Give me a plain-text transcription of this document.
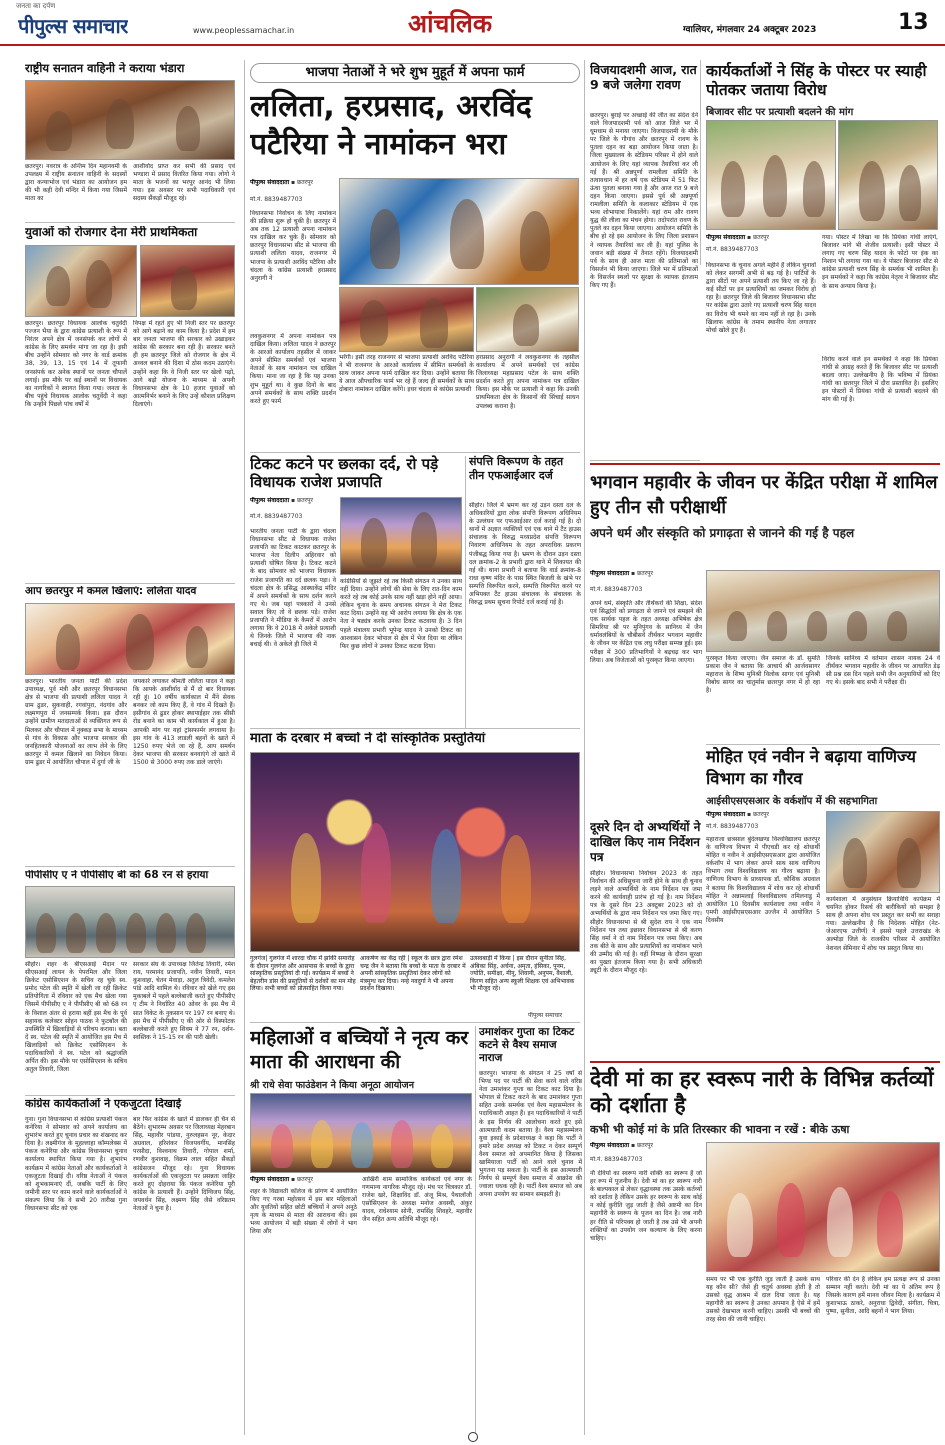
जनता का दर्पण
पीपुल्स समाचार	www.peoplessamachar.in	आंचलिक	ग्वालियर, मंगलवार 24 अक्टूबर 2023	13
राष्ट्रीय सनातन वाहिनी ने कराया भंडारा
छतरपुर। नवरात्र के अन्तिम दिन महानवमी के उपलक्ष्य में राष्ट्रीय सनातन वाहिनी के सदस्यों द्वारा कन्याभोज एवं भंडारा का आयोजन हम की भी कही देवी मन्दिर में किया गया जिसमें माता का
आशीर्वाद प्राप्त कर सभी की प्रसाद एवं भण्डारा में प्रसाद वितरित किया गया। लोगो ने माता के भजनों का भरपूर आनंद भी लिया गया। इस अवसर पर सभी पदाधिकारी एवं सदस्य सैंकड़ों मौजूद रहे।
युवाओं को रोजगार देना मेरी प्राथमिकता
छतरपुर। छतरपुर विधायक आलोक चतुर्वेदी पज्जन भैया के द्वारा कांग्रेस प्रत्याशी के रूप में निरंतर अपने क्षेत्र में जनसंपर्क कर लोगों से कांग्रेस के लिए समर्थन मांगा जा रहा है। इसी बीच उन्होंने सोमवार को नगर के वार्ड क्रमांक 38, 39, 13, 15 एवं 14 में तूफानी जनसंपर्क कर अनेक स्थानों पर जनता चौपालें लगाई। इस मौके पर कई स्थानों पर विधायक का नागरिकों ने स्वागत किया गया। जनता के बीच पहुंचे विधायक आलोक चतुर्वेदी ने कहा कि उन्होंने पिछले पांच वर्षों में
विपक्ष में रहते हुए भी निजी स्तर पर छतरपुर को आगे बढ़ाने का काम किया है। प्रदेश में हम बार जनता भाजपा की सरकार को उखाड़कर कांग्रेस की सरकार बना रही है। सरकार बनते ही हम छतरपुर जिले को रोजगार के क्षेत्र में अव्वल बनाने की दिशा में ठोस कदम उठाएंगे। उन्होंने कहा कि वे निजी स्तर पर खेलो पढ़ो, आगे बढ़ो योजना के माध्यम से अपनी विधानसभा क्षेत्र के 10 हजार युवाओं को आत्मनिर्भर बनाने के लिए उन्हें कौशल प्रशिक्षण दिलाएंगे।
आप छतरपुर में कमल खिलाएं: ललिता यादव
छतरपुर। भारतीय जनता पार्टी की प्रदेश उपाध्यक्ष, पूर्व मंत्री और छतरपुर विधानसभा क्षेत्र से भाजपा की प्रत्याशी ललिता यादव ने ग्राम ढुडर, सुकवाही, रगवांपुरा, नंदगांव और लक्ष्मणपुरा में जनसम्पर्क किया। इस दौरान उन्होंने ग्रामीण मतदाताओं से व्यक्तिगत रूप से मिलकर और चौपाल में नुक्कड़ सभा के माध्यम से गांव के विकास और भाजपा सरकार की जनहितकारी योजनाओं का लाभ लेने के लिए छतरपुर में कमल खिलाने का निवेदन किया। ग्राम ढुडर में आयोजित चौपाल में दुर्गा जी के
जयकारे लगाकर श्रीमती ललिता यादव ने कहा कि आपके आशीर्वाद से मैं दो बार विधायक रही हूं। 10 वर्षीय कार्यकाल में मैंने सेवक बनकर जो काम किए हैं, वे गांव में दिखते हैं। इसीगांव से ढुडर होकर स्थापाईहार तक सीसी रोड बनाने का काम भी कार्यकाल में हुआ है। आपकी मांग पर यहां ट्रांसफार्मर लगवाया है। इस गांव के 413 लाडली बहनों के खाते में 1250 रुपए भेजे जा रहे हैं, आप समर्थन देकर भाजपा की सरकार बनवाएंगे तो खाते में 1500 से 3000 रुपए तक डाले जाएंगे।
पीपीसीए ए ने पीपीसीए बी को 68 रन से हराया
सीहोर। शहर के बीएसआई मैदान पर सीएसआई लायन के पेपरमिल और जिला क्रिकेट एसोसिएशन के सचिव रह चुके स्व. प्रमोद पटेल की स्मृति में खेली जा रही क्रिकेट प्रतियोगिता में रविवार को एक मैच खेला गया जिसमें पीपीसीए ए ने पीपीसीए बी को 68 रन के विशाल अंतर से हराया बहीं इस मैच के पूर्व सहायक कलेक्टर सोहन पाठक ने फुटबॉल की उपस्थिति में खिलाड़ियों से परिचय कराया। बता दें स्व. पटेल की स्मृति में आयोजित इस मैच में खिलाड़ियों को क्रिकेट एसोसिएशन के पदाधिकारियों ने स्व. पटेल को श्रद्धांजलि अर्पित की। इस मौके पर एसोसिएशन के सचिव अतुल तिवारी, जिला
सरकार संघ के उपाध्यक्ष जितेन्द्र तिवारी, रमेश राय, परमानंद प्रजापति, नवीन तिवारी, मदन कुशवाहा, चेतन मेवाड़ा, अतुल त्रिवेदी, कमलेश पांडे आदि शामिल थे। रविवार को खेले गए इस मुकाबले में पहले बल्लेबाजी करते हुए पीपीसीए ए टीम ने निर्धारित 40 ओवर के इस मैच में सात विकेट के नुकसान पर 197 रन बनाए थे। इस मैच में पीपीसीए ए की ओर से विस्फोटक बल्लेबाजी करते हुए शिवम ने 77 रन, दर्शन-स्वस्तिक ने 15-15 रन की पारी खेली।
कांग्रेस कार्यकर्ताओं ने एकजुटता दिखाई
गुना। गुना विधानसभा से कांग्रेस प्रत्याशी पंकज कनेरिया ने सोमवार को अपने कार्यालय का शुभारंभ करते हुए चुनाव प्रचार का शंखनाद कर दिया है। लक्ष्मीगंज के मुहल्लाहा कॉम्पलेक्स में पंकज कनेरिया और कांग्रेस विधानसभा चुनाव कार्यालय स्थापित किया गया है। शुभारंभ कार्यक्रम में कांग्रेस नेताओं और कार्यकर्ताओं ने एकजुटता दिखाई दी। वरिष्ठ नेताओं ने पंकज को शुभकामनाएं दीं, जबकि पार्टी के लिए जमीनी स्तर पर काम करने वाले कार्यकर्ताओं ने संकल्प लिया कि वे सभी 20 तारीख गुना विधानसभा सीट को एक
बार फिर कांग्रेस के खाते में डालकर ही चैन से बैठेंगे। शुभारम्भ अवसर पर जिलाध्यक्ष मेहरबान सिंह, महावीर पांडया, नुरुलहसन नूर, केदार अग्रवाल, हरिशंकर विजयवर्गीय, मानसिंह परसौदा, विश्वनाथ तिवारी, गोपाल शर्मा, रणवीर कुशवाह, विक्रम लाल सहित सैंकड़ों कांग्रेसजन मौजूद रहे। गुना विधायक कार्यकर्ताओं की एकजुटता पर प्रसन्नता जाहिर करते हुए दोहराया कि पंकज कनेरिया पूरी कांग्रेस के प्रत्याशी हैं। उन्होंने दिग्विजय सिंह, जयवर्धन सिंह, लक्ष्मण सिंह जैसे वरिष्ठतम नेताओं ने चुना है।
भाजपा नेताओं ने भरे शुभ मुहूर्त में अपना फार्म
ललिता, हरप्रसाद, अरविंद पटैरिया ने नामांकन भरा
पीपुल्स संवाददाता ▪ छतरपुर
मो.नं. 8839487703
विधानसभा निर्वाचन के लिए नामांकन की प्रक्रिया शुरू हो चुकी है। छतरपुर में अब तक 12 प्रत्याशी अपना नामांकन पत्र दाखिल कर चुके हैं। सोमवार को छतरपुर विधानसभा सीट से भाजपा की प्रत्याशी ललिता यादव, राजनगर में भाजपा के प्रत्याशी अरविंद पटैरिया और चंदला के कांग्रेस प्रत्याशी हरप्रसाद अनुरागी ने
लवकुशनगर में अपना नामांकन पत्र दाखिल किया। ललिता यादव ने छतरपुर के आरओ कार्यालय तहसील में जाकर अपने सीमित समर्थकों एवं भाजपा नेताओं के साथ नामांकन पत्र दाखिल किया। माना जा रहा है कि यह उनका शुभ मुहूर्त था। वे कुछ दिनों के बाद अपने समर्थकों के साथ शक्ति प्रदर्शन करते हुए फार्म
भरेंगी। इसी तरह राजनगर से भाजपा प्रत्याशी अरविंद पटैरिया ने भी राजनगर के आरओ कार्यालय में सीमित समर्थकों के साथ जाकर अपना फार्म दाखिल कर दिया। उन्होंने बताया कि ये आज औपचारिक फार्म भर रहे हैं जल्द ही समर्थकों के साथ दोबारा नामांकन दाखिल करेंगे। इधर चंदला से कांग्रेस प्रत्याशी
हरप्रसाद अनुरागी ने लवकुशनगर के तहसील कार्यालय में अपने समर्थकों एवं कांग्रेस जिलाध्यक्ष महाप्रसाद पटेल के साथ शक्ति प्रदर्शन करते हुए अपना नामांकन पत्र दाखिल किया। इस मौके पर प्रत्याशी ने कहा कि उनकी प्राथमिकता क्षेत्र के किसानों की सिंचाई साधन उपलब्ध कराना है।
टिकट कटने पर छलका दर्द, रो पड़े विधायक राजेश प्रजापति
पीपुल्स संवाददाता ▪ छतरपुर
मो.नं. 8839487703
भारतीय जनता पार्टी के द्वारा चंदला विधानसभा सीट से विधायक राजेश प्रजापति का टिकट काटकर छतरपुर के भाजपा नेता दिलीप अहिरवार को प्रत्याशी घोषित किया है। टिकट कटने के बाद सोमवार को भाजपा विधायक राजेश प्रजापति का दर्द छलक पड़ा। वे चंदला क्षेत्र के प्रसिद्ध आस्थाकेंद्र मंदिर में अपने समर्थकों के साथ दर्शन करने गए थे। जब यहां पत्रकारों ने उनसे सवाल किए तो वे छलक पड़े। राजेश प्रजापति ने मीडिया के कैमरों में आरोप लगाया कि वे 2018 में अकेले प्रत्याशी थे जिनके जिले में भाजपा की नाक बचाई थी। वे अकेले ही जिले में
कांग्रेसियों से जूझते रहे तब किसी संगठन ने उनका साथ नहीं दिया। उन्होंने लोगों की सेवा के लिए रात-दिन काम करते रहे तब कोई उनके साथ नहीं खड़ा होने नहीं आया। लेकिन चुनाव के समय अचानक संगठन ने मेरा टिकट काट दिया। उन्होंने यह भी आरोप लगाया कि क्षेत्र के एक नेता ने षड्यंत्र करके उनका टिकट कटवाया है। 3 दिन पहले मंत्रालय प्रभारी भूपेन्द्र यादव ने उनको टिकट का आश्वासन देकर भोपाल से क्षेत्र में भेज दिया था लेकिन फिर कुछ लोगों ने उनका टिकट कटवा दिया।
संपत्ति विरूपण के तहत तीन एफआईआर दर्ज
सीहोर। जिले में भ्रमण कर रहे उड़न दस्ता दल के अधिकारियों द्वारा लोक संपत्ति विरूपण अधिनियम के उल्लंघन पर एफआईआर दर्ज कराई गई है। दो थानों में अज्ञात व्यक्तियों एवं एक थाने में टैंट हाउस संचालक के विरुद्ध मध्यप्रदेश संपत्ति विरूपण निवारण अधिनियम के तहत अपराधिक प्रकरण पंजीबद्ध किया गया है। भ्रमण के दौरान उड़न दस्ता दल क्रमांक-2 के प्रभारी द्वारा थाने में शिकायत की गई थी। थाना प्रभारी ने बताया कि वार्ड क्रमांक-8 राधा कृष्ण मंदिर के पास स्थित बिजली के खंभे पर सम्पत्ति विरूपित करने, सम्पत्ति विरूपित करने पर अभियक्त टैंट हाउस संचालक के संचालक के विरुद्ध प्रथम सूचना रिपोर्ट दर्ज कराई गई है।
माता के दरबार में बच्चों ने दी सांस्कृतिक प्रस्तुतियां
गुलगंज| गुलगंज में शारदा चौक में झांकी समारोह के दौरान गुलगंज और आसपास के बच्चों के द्वारा सांस्कृतिक प्रस्तुतियां दी गईं। कार्यक्रम में बच्चों ने बेहतरीन डांस की प्रस्तुतियों से दर्शकों का मन मोह लिया। सभी बच्चों को प्रोत्साहित किया गया।
आकर्षण का केंद्र रही | स्कूल के छात्र द्वारा रमेश चन्द्र जैन ने बताया कि बच्चों के माता के दरबार में अपनी सांस्कृतिक प्रस्तुतियां देकर लोगों को मंत्रमुग्ध कर दिया। नन्हे नवदुर्गा ने भी अपना प्रदर्शन दिखाया।
उत्सवबाड़ी में किया | इस दौरान सुनीता सिंह, अंबिका सिंह, अर्चना, अमृता, हंसिका, पूनम, ज्योति, समीक्षा, मीनू, शिवानी, अनुपम, वैशाली, किरण सहित अन्य स्कूली शिक्षक एवं अभिभावक भी मौजूद रहे।
पीपुल्स समाचार
महिलाओं व बच्चियों ने नृत्य कर माता की आराधना की
श्री राधे सेवा फाउंडेशन ने किया अनूठा आयोजन
पीपुल्स संवाददाता ▪ छतरपुर
शहर के विद्यावती कॉलेज के प्रांगण में आयोजित किए गए गरबा महोत्सव में इस बार महिलाओं और युवतियों सहित छोटी बच्चियों ने अपने अनूठे नृत्य के माध्यम से माता की आराधना की। इस भव्य आयोजन में बड़ी संख्या में लोगों ने भाग लिया और
आखिरी शाम सामाजिक कार्यकर्ता एवं नगर के गणमान्य नागरिक मौजूद रहे। मंच पर चित्रकार डॉ. राजेश खरे, शिक्षाविद डॉ. अंजू मिश्र, पैथालॉजी एसोसिएशन के अध्यक्ष मनोज अवस्थी, अंकुर यादव, राधेश्याम सोनी, रामसिंह शिवहरे, महावीर जैन सहित अन्य अतिथि मौजूद रहे।
उमाशंकर गुप्ता का टिकट कटने से वैश्य समाज नाराज
छतरपुर। भाजपा के संगठन ने 25 वर्षों से भिण्ड पद पर पार्टी की सेवा करने वाले वरिष्ठ नेता उमाशंकर गुप्ता का टिकट काट दिया है। भोपाल से टिकट कटने के बाद उमाशंकर गुप्ता सहित उनके समर्थक एवं वैश्य महासम्मेलन के पदाधिकारी आहत हैं। इन पदाधिकारियों ने पार्टी के इस निर्णय की आलोचना करते हुए इसे आत्मघाती कदम बताया है। वैश्य महासम्मेलन युवा इकाई के प्रदेशाध्यक्ष ने कहा कि पार्टी ने हमारे प्रदेश अध्यक्ष को टिकट न देकर सम्पूर्ण वैश्य समाज को अपमानित किया है जिसका खामियाजा पार्टी को आने वाले चुनाव में भुगतना पड़ सकता है। पार्टी के इस आत्मघाती निर्णय से सम्पूर्ण वैश्य समाज में आक्रोश की ज्वाला धधक रही है। पार्टी वैश्य समाज को अब अपना उपयोग का सामान समझती है।
विजयादशमी आज, रात 9 बजे जलेगा रावण
छतरपुर। बुराई पर अच्छाई की जीत का संदेश देने वाले विजयादशमी पर्व को आज जिले भर में धूमधाम से मनाया जाएगा। विजयादशमी के मौके पर जिले के गौगांव और छतरपुर में रावण के पुतला दहन का बड़ा आयोजन किया जाता है। जिला मुख्यालय के स्टेडियम परिसर में होने वाले आयोजन के लिए यहां व्यापक तैयारियां कर ली गई हैं। श्री अन्नपूर्णा रामलीला समिति के तत्वावधान में हर वर्ष एक स्टेडियम में 51 फिट ऊंचा पुतला बनाया गया है और आज रात 9 बजे दहन किया जाएगा। इससे पूर्व श्री अन्नपूर्णा रामलीला समिति के कलाकार स्टेडियम में एक भव्य शोभायात्रा निकालेंगे। यहां राम और रावण युद्ध की लीला का मंचन होगा। तदोपरांत रावण के पुतले का दहन किया जाएगा। आयोजन समिति के बीच हो रहे इस आयोजन के लिए जिला प्रशासन ने व्यापक तैयारियां कर ली हैं। यहां पुलिस के जवान बड़ी संख्या में तैनात रहेंगे। विजयादशमी पर्व के साथ ही आज माता की प्रतिमाओं का विसर्जन भी किया जाएगा। जिले भर में प्रतिमाओं के विसर्जन स्थलों पर सुरक्षा के व्यापक इंतजाम किए गए हैं।
दूसरे दिन दो अभ्यर्थियों ने दाखिल किए नाम निर्देशन पत्र
सीहोर। विधानसभा निर्वाचन 2023 के तहत निर्वाचन की अधिसूचना जारी होने के साथ ही चुनाव लड़ने वाले अभ्यर्थियों के नाम निर्देशन पत्र जमा करने की कार्यवाही प्रारंभ हो गई है। नाम निर्देशन पत्र के दूसरे दिन 23 अक्टूबर 2023 को दो अभ्यर्थियों के द्वारा नाम निर्देशन पत्र जमा किए गए। सीहोर विधानसभा से श्री सुदेश राय ने एक नाम निर्देशन पत्र तथा इछावर विधानसभा से श्री करण सिंह वर्मा ने दो नाम निर्देशन पत्र जमा किए। अब तक बीते के साथ और प्रत्याशियों का नामांकन भरने की उम्मीद की गई है। वहीं निष्पक्ष के दौरान सुरक्षा का पुख्ता इंतजाम किया गया है। सभी अधिकारी ड्यूटी के दौरान मौजूद रहे।
कार्यकर्ताओं ने सिंह के पोस्टर पर स्याही पोतकर जताया विरोध
बिजावर सीट पर प्रत्याशी बदलने की मांग
पीपुल्स संवाददाता ▪ छतरपुर
मो.नं. 8839487703
विधानसभा के चुनाव अगले महीने हैं लेकिन चुनावों को लेकर सरगर्मी अभी से बढ़ गई है। पार्टियों के द्वारा सीटों पर अपने प्रत्याशी तय किए जा रहे हैं। कई सीटों पर इन प्रत्याशियों का जमकर विरोध हो रहा है। छतरपुर जिले की बिजावर विधानसभा सीट पर कांग्रेस द्वारा उतारे गए प्रत्याशी चरण सिंह यादव का विरोध भी थमने का नाम नहीं ले रहा है। उनके खिलाफ कांग्रेस के तमाम स्थानीय नेता लगातार मोर्चा खोले हुए हैं।
गया। पोस्टर में लिखा था कि प्रियंका गांधी लाएंगे, बिजावर मांगे भी शेजीव प्रत्याशी। इसी पोस्टर में लगाए गए चरण सिंह यादव के फोटो पर इंक का निशान भी लगाया गया था। ये पोस्टर बिजावर सीट से कांग्रेस प्रत्याशी चरण सिंह के समर्थक भी शामिल हैं। इन समर्थकों ने कहा कि कांग्रेस नेतृत्व ने बिजावर सीट के साथ अन्याय किया है।
विरोध करने वाले इन समर्थकों ने कहा कि प्रियंका गांधी से आग्रह करते हैं कि बिजावर सीट पर प्रत्याशी बदला जाए। उल्लेखनीय है कि भविष्य में प्रियंका गांधी का छतरपुर जिले में दौरा प्रस्तावित है। इसलिए इन पोस्टरों में प्रियंका गांधी से प्रत्याशी बदलने की मांग की गई है।
भगवान महावीर के जीवन पर केंद्रित परीक्षा में शामिल हुए तीन सौ परीक्षार्थी
अपने धर्म और संस्कृति को प्रगाढ़ता से जानने की गई है पहल
पीपुल्स संवाददाता ▪ छतरपुर
मो.नं. 8839487703
अपने धर्म, संस्कृति और तीर्थंकरों की शिक्षा, संदेश एवं सिद्धांतों को प्रगाढ़ता से जानने एवं समझने की एक सार्थक पहल के तहत अध्यक्ष अभिषेक क्षेत्र सिमरिया श्री पर मुनिपुंगव के सानिध्य में जैन धर्मावलंबियों के चौबीसवें तीर्थंकर भगवान महावीर के जीवन पर केंद्रित एक लघु परीक्षा सम्पन्न हुई। इस परीक्षा में 300 प्रतिभागियों ने बढ़चढ़ कर भाग लिया। अब विजेताओं को पुरस्कृत किया जाएगा।	पुरस्कृत किया जाएगा। जैन समाज के डॉ. सुमति प्रकाश जैन ने बताया कि आचार्य श्री आर्जवसागर महाराज के शिष्य मुनिश्री विलोक सागर एवं मुनिश्री विबोध सागर का चातुर्मास छतरपुर नगर में हो रहा है।
जिनके सानिध्य में वर्तमान शासन नायक 24 वें तीर्थंकर भगवान महावीर के जीवन पर आधारित डेढ़ सौ प्रश्न दस दिन पहले सभी जैन अनुयायियों को दिए गए थे। इसके बाद सभी ने परीक्षा दी।
मोहित एवं नवीन ने बढ़ाया वाणिज्य विभाग का गौरव
आईसीएसएसआर के वर्कशॉप में की सहभागिता
पीपुल्स संवाददाता ▪ छतरपुर
मो.नं. 8839487703
महाराजा छत्रसाल बुंदेलखण्ड विश्वविद्यालय छतरपुर के वाणिज्य विभाग में पीएचडी कर रहे शोधार्थी मोहित व नवीन ने आईसीएसएसआर द्वारा आयोजित वर्कशॉप में भाग लेकर अपने साथ साथ वाणिज्य विभाग तथा विश्वविद्यालय का गौरव बढ़ाया है। वाणिज्य विभाग के प्राध्यापक डॉ. कौशिक अग्रवाल ने बताया कि विश्वविद्यालय में शोध कर रहे शोधार्थी मोहित ने अन्नामलाई विश्वविद्यालय तमिलनाडु में आयोजित 10 दिवसीय कार्यशाला तथा नवीन ने एमपी आईसीएसएसआर उज्जैन में आयोजित 5 दिवसीय
कार्यशाला में अनुसंधान क्रियाविधि कार्यक्रम में चयनित होकर रिसर्च की बारीकियों को समझा है साथ ही अपना शोध पत्र प्रस्तुत कर सभी का सराहा गया। उल्लेखनीय है कि निदेशक मोहित (नेट-जेआरएफ उत्तीर्ण) ने इससे पहले उत्तराखंड के अल्मोड़ा जिले के राजकीय परिसर में आयोजित नेशनल सेमिनार में शोध पत्र प्रस्तुत किया था।
देवी मां का हर स्वरूप नारी के विभिन्न कर्तव्यों को दर्शाता है
कभी भी कोई मां के प्रति तिरस्कार की भावना न रखें : बीके ऊषा
पीपुल्स संवाददाता ▪ छतरपुर
मो.नं. 8839487703
नौ देवियों का स्वरूप नारी शक्ति का स्वरूप है जो हर रूप में पूजनीय है। देवी मां का हर स्वरूप नारी के बाल्यकाल से लेकर वृद्धावस्था तक उसके कर्तव्यों को दर्शाता है लेकिन उसके हर स्वरूप के साथ कोई न कोई कुरीति जुड़ जाती है जैसे अष्टमी का दिन महागौरी के स्वरूप के पूजन का दिन है। जब नारी हर रीति से परिपक्व हो जाती है तब उसे भी अपनी शक्तियों का उपयोग जन कल्याण के लिए करना चाहिए।
समय पर भी एक कुरीति जुड़ जाती है उसके साथ यह कौन सी? जैसे ही चतुर्थ अवस्था होती है तो उसको वृद्ध आश्रम में दाल दिया जाता है। यह महागौरी का स्वरूप है उनका अपमान है ऐसे में हमें उसको देखभाल करनी चाहिए। उसकी भी बच्चों की तरह सेवा की जानी चाहिए।
परिवार की देन है लेकिन हम प्रत्यक्ष रूप से उनका सम्मान नहीं करते। देवी मां का ये अंतिम रूप है जिसके कारण हमें मानव जीवन मिला है। कार्यक्रम में कुशाभाऊ ठाकरे, अनुराधा द्विवेदी, संगीता, चित्रा, पुष्पा, सुनीता, आदि बहनों ने भाग लिया।
